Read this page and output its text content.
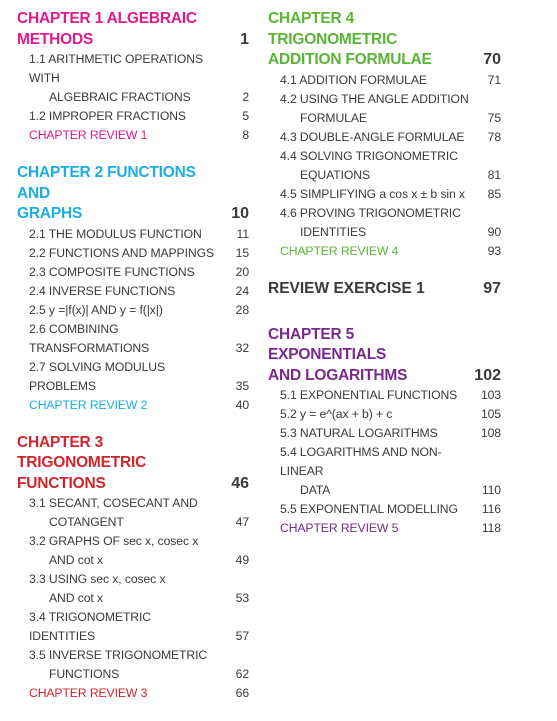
CHAPTER 1 ALGEBRAIC
METHODS	1
1.1 ARITHMETIC OPERATIONS WITH
ALGEBRAIC FRACTIONS	2
1.2 IMPROPER FRACTIONS	5
CHAPTER REVIEW 1	8
CHAPTER 2 FUNCTIONS AND
GRAPHS	10
2.1 THE MODULUS FUNCTION	11
2.2 FUNCTIONS AND MAPPINGS 15
2.3 COMPOSITE FUNCTIONS	20
2.4 INVERSE FUNCTIONS	24
2.5 y =|f(x)| AND y = f(|x|)	28
2.6 COMBINING TRANSFORMATIONS	32
2.7 SOLVING MODULUS PROBLEMS	35
CHAPTER REVIEW 2	40
CHAPTER 3 TRIGONOMETRIC
FUNCTIONS	46
3.1 SECANT, COSECANT AND
COTANGENT	47
3.2 GRAPHS OF sec x, cosec x
AND cot x	49
3.3 USING sec x, cosec x
AND cot x	53
3.4 TRIGONOMETRIC IDENTITIES	57
3.5 INVERSE TRIGONOMETRIC
FUNCTIONS	62
CHAPTER REVIEW 3	66
CHAPTER 4 TRIGONOMETRIC
ADDITION FORMULAE	70
4.1 ADDITION FORMULAE	71
4.2 USING THE ANGLE ADDITION
FORMULAE	75
4.3 DOUBLE-ANGLE FORMULAE	78
4.4 SOLVING TRIGONOMETRIC
EQUATIONS	81
4.5 SIMPLIFYING a cos x ± b sin x	85
4.6 PROVING TRIGONOMETRIC
IDENTITIES	90
CHAPTER REVIEW 4	93
REVIEW EXERCISE 1	97
CHAPTER 5 EXPONENTIALS
AND LOGARITHMS	102
5.1 EXPONENTIAL FUNCTIONS	103
5.2 y = e^(ax + b) + c	105
5.3 NATURAL LOGARITHMS	108
5.4 LOGARITHMS AND NON-LINEAR
DATA	110
5.5 EXPONENTIAL MODELLING	116
CHAPTER REVIEW 5	118
